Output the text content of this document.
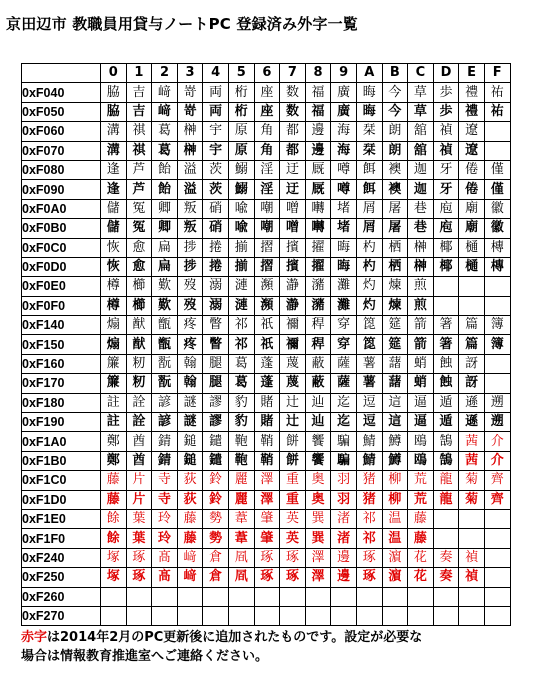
京田辺市 教職員用貸与ノートPC 登録済み外字一覧
	0	1	2	3	4	5	6	7	8	9	A	B	C	D	E	F
0xF040	脇	吉	﨑	嵜	両	桁	座	数	福	廣	晦	今	草	歩	禮	祐
0xF050	脇	吉	﨑	嵜	両	桁	座	数	福	廣	晦	今	草	歩	禮	祐
0xF060	溝	祺	葛	榊	宇	原	角	都	邊	海	栞	朗	舘	禎	遼	
0xF070	溝	祺	葛	榊	宇	原	角	都	邊	海	栞	朗	舘	禎	遼	
0xF080	逢	芦	飴	溢	茨	鰯	淫	迂	厩	噂	餌	襖	迦	牙	倦	僅
0xF090	逢	芦	飴	溢	茨	鰯	淫	迂	厩	噂	餌	襖	迦	牙	倦	僅
0xF0A0	儲	冤	卿	叛	硝	喩	嘲	噌	囀	堵	屑	屠	巷	庖	廟	徽
0xF0B0	儲	冤	卿	叛	硝	喩	嘲	噌	囀	堵	屑	屠	巷	庖	廟	徽
0xF0C0	恢	愈	扁	捗	捲	揃	摺	擯	擢	晦	杓	栖	榊	椰	樋	槫
0xF0D0	恢	愈	扁	捗	捲	揃	摺	擯	擢	晦	杓	栖	榊	椰	樋	槫
0xF0E0	樽	櫛	歎	歿	溺	漣	瀕	瀞	瀦	灘	灼	煉	煎			
0xF0F0	樽	櫛	歎	歿	溺	漣	瀕	瀞	瀦	灘	灼	煉	煎			
0xF140	煽	猷	甑	疼	瞥	祁	祇	禰	稈	穿	箆	筵	箭	箸	篇	簿
0xF150	煽	猷	甑	疼	瞥	祁	祇	禰	稈	穿	箆	筵	箭	箸	篇	簿
0xF160	簾	籾	翫	翰	腿	葛	蓬	蔑	蔽	薩	薯	藷	蛸	蝕	訝	
0xF170	簾	籾	翫	翰	腿	葛	蓬	蔑	蔽	薩	薯	藷	蛸	蝕	訝	
0xF180	註	詮	諺	謎	謬	豹	賭	辻	辿	迄	逗	這	逼	遁	遜	遡
0xF190	註	詮	諺	謎	謬	豹	賭	辻	辿	迄	逗	這	逼	遁	遜	遡
0xF1A0	鄭	酋	錆	鎚	鑓	鞄	鞘	餅	饗	騙	鯖	鱒	鴎	鵠	茜	介
0xF1B0	鄭	酋	錆	鎚	鑓	鞄	鞘	餅	饗	騙	鯖	鱒	鴎	鵠	茜	介
0xF1C0	藤	片	寺	荻	鈴	麗	澤	重	奥	羽	猪	柳	荒	龍	菊	齊
0xF1D0	藤	片	寺	荻	鈴	麗	澤	重	奥	羽	猪	柳	荒	龍	菊	齊
0xF1E0	餘	葉	玲	藤	勢	葦	肇	英	巽	渚	祁	温	藤			
0xF1F0	餘	葉	玲	藤	勢	葦	肇	英	巽	渚	祁	温	藤			
0xF240	塚	琢	髙	﨑	倉	凮	琢	琢	澤	邊	琢	濵	花	奏	禎	
0xF250	塚	琢	髙	﨑	倉	凮	琢	琢	澤	邊	琢	濵	花	奏	禎	
0xF260																
0xF270																
赤字は2014年2月のPC更新後に追加されたものです。設定が必要な
場合は情報教育推進室へご連絡ください。
